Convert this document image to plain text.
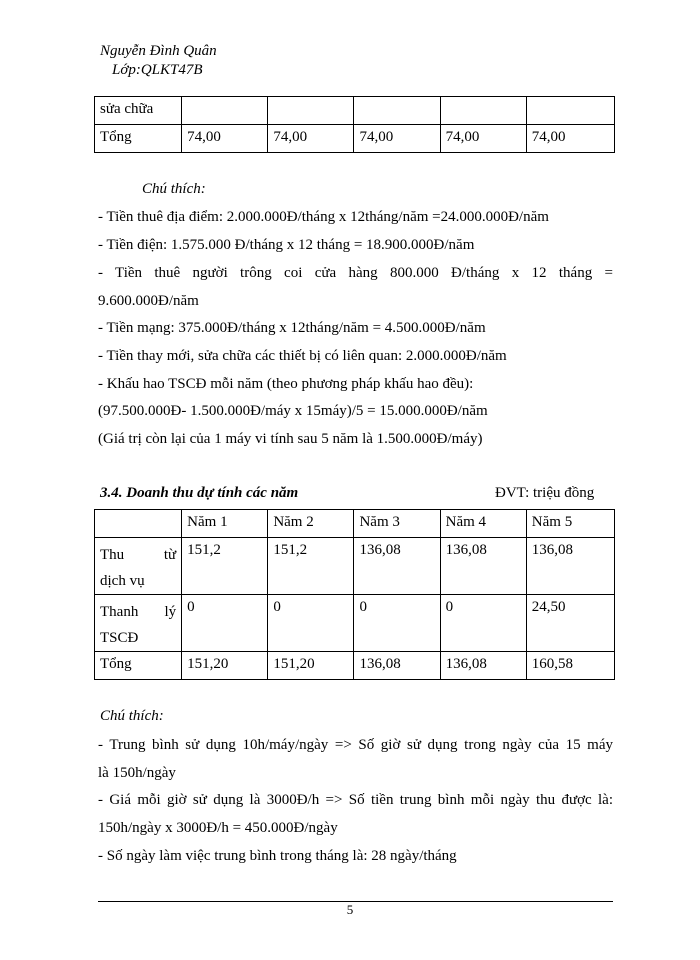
Nguyễn Đình Quân
Lớp:QLKT47B
sửa chữa					
Tổng	74,00	74,00	74,00	74,00	74,00
Chú thích:
- Tiền thuê địa điểm: 2.000.000Đ/tháng x 12tháng/năm =24.000.000Đ/năm
- Tiền điện: 1.575.000 Đ/tháng x 12 tháng = 18.900.000Đ/năm
- Tiền thuê người trông coi cửa hàng 800.000 Đ/tháng x 12 tháng =
9.600.000Đ/năm
- Tiền mạng: 375.000Đ/tháng x 12tháng/năm = 4.500.000Đ/năm
- Tiền thay mới, sửa chữa các thiết bị có liên quan: 2.000.000Đ/năm
- Khấu hao TSCĐ mỗi năm (theo phương pháp khấu hao đều):
(97.500.000Đ- 1.500.000Đ/máy x 15máy)/5 = 15.000.000Đ/năm
(Giá trị còn lại của 1 máy vi tính sau 5 năm là 1.500.000Đ/máy)
3.4. Doanh thu dự tính các năm	ĐVT: triệu đồng
	Năm 1	Năm 2	Năm 3	Năm 4	Năm 5

Thu từ
dịch vụ	151,2	151,2	136,08	136,08	136,08

Thanh lý
TSCĐ	0	0	0	0	24,50
Tổng	151,20	151,20	136,08	136,08	160,58
Chú thích:
- Trung bình sử dụng 10h/máy/ngày => Số giờ sử dụng trong ngày của 15 máy
là 150h/ngày
- Giá mỗi giờ sử dụng là 3000Đ/h => Số tiền trung bình mỗi ngày thu được là:
150h/ngày x 3000Đ/h = 450.000Đ/ngày
- Số ngày làm việc trung bình trong tháng là: 28 ngày/tháng
5
